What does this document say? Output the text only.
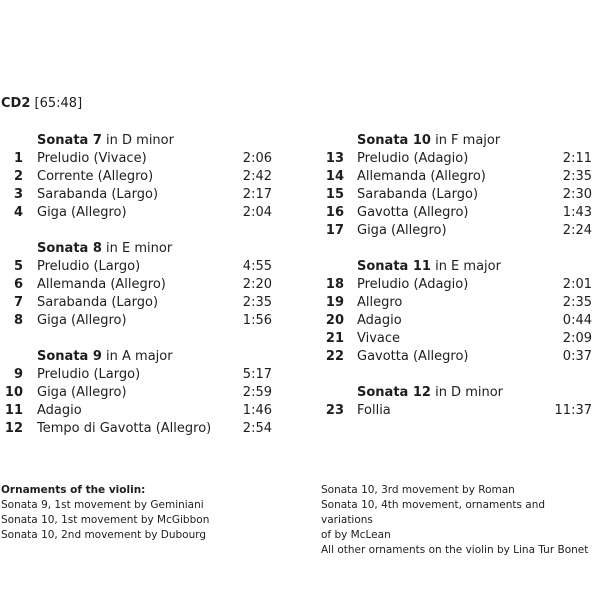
CD2 [65:48]
Sonata 7 in D minor
1 Preludio (Vivace)	2:06
2 Corrente (Allegro)	2:42
3 Sarabanda (Largo)	2:17
4 Giga (Allegro)	2:04
Sonata 8 in E minor
5 Preludio (Largo)	4:55
6 Allemanda (Allegro)	2:20
7 Sarabanda (Largo)	2:35
8 Giga (Allegro)	1:56
Sonata 9 in A major
9 Preludio (Largo)	5:17
10 Giga (Allegro)	2:59
11 Adagio	1:46
12 Tempo di Gavotta (Allegro) 2:54
Sonata 10 in F major
13 Preludio (Adagio)	2:11
14 Allemanda (Allegro)	2:35
15 Sarabanda (Largo)	2:30
16 Gavotta (Allegro)	1:43
17 Giga (Allegro)	2:24
Sonata 11 in E major
18 Preludio (Adagio)	2:01
19 Allegro	2:35
20 Adagio	0:44
21 Vivace	2:09
22 Gavotta (Allegro)	0:37
Sonata 12 in D minor
23 Follia	11:37
Ornaments of the violin:
Sonata 9, 1st movement by Geminiani
Sonata 10, 1st movement by McGibbon
Sonata 10, 2nd movement by Dubourg
Sonata 10, 3rd movement by Roman
Sonata 10, 4th movement, ornaments and variations
of by McLean
All other ornaments on the violin by Lina Tur Bonet
